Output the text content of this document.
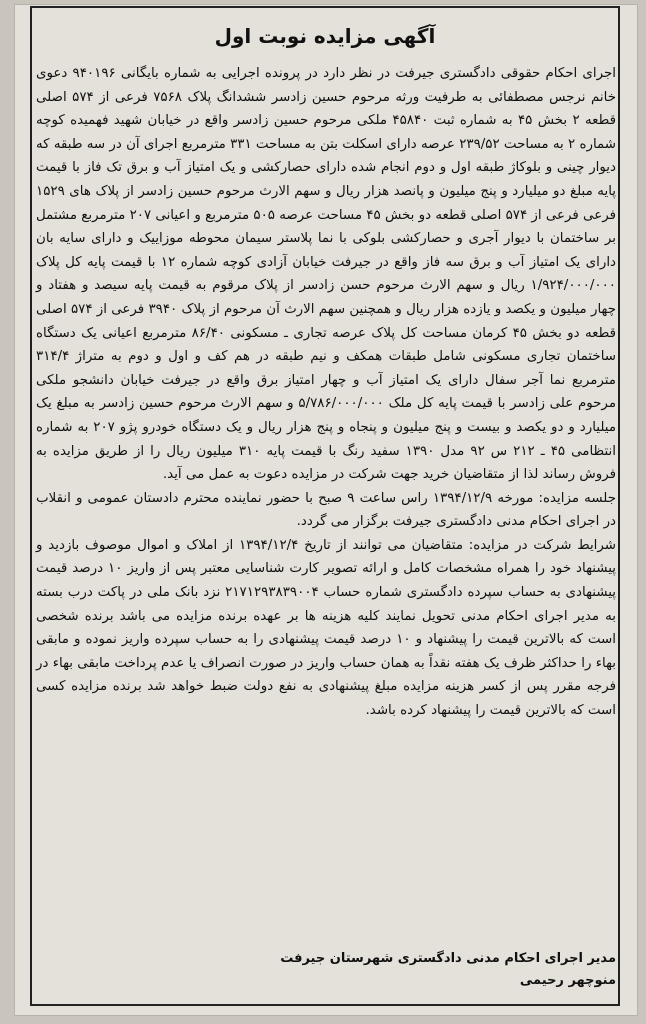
آگهی مزایده نوبت اول

اجرای احکام حقوقی دادگستری جیرفت در نظر دارد در پرونده اجرایی به شماره بایگانی ۹۴۰۱۹۶ دعوی خانم نرجس مصطفائی به طرفیت ورثه مرحوم حسین زادسر ششدانگ پلاک ۷۵۶۸ فرعی از ۵۷۴ اصلی قطعه ۲ بخش ۴۵ به شماره ثبت ۴۵۸۴۰ ملکی مرحوم حسین زادسر واقع در خیابان شهید فهمیده کوچه شماره ۲ به مساحت ۲۳۹/۵۲ عرصه دارای اسکلت بتن به مساحت ۳۳۱ مترمربع اجرای آن در سه طبقه که دیوار چینی و بلوکاژ طبقه اول و دوم انجام شده دارای حصارکشی و یک امتیاز آب و برق تک فاز با قیمت پایه مبلغ دو میلیارد و پنج میلیون و پانصد هزار ریال و سهم الارث مرحوم حسین زادسر از پلاک های ۱۵۲۹ فرعی فرعی از ۵۷۴ اصلی قطعه دو بخش ۴۵ مساحت عرصه ۵۰۵ مترمربع و اعیانی ۲۰۷ مترمربع مشتمل بر ساختمان با دیوار آجری و حصارکشی بلوکی با نما پلاستر سیمان محوطه موزاییک و دارای سایه بان دارای یک امتیاز آب و برق سه فاز واقع در جیرفت خیابان آزادی کوچه شماره ۱۲ با قیمت پایه کل پلاک ۱/۹۲۴/۰۰۰/۰۰۰ ریال و سهم الارث مرحوم حسن زادسر از پلاک مرقوم به قیمت پایه سیصد و هفتاد و چهار میلیون و یکصد و یازده هزار ریال و همچنین سهم الارث آن مرحوم از پلاک ۳۹۴۰ فرعی از ۵۷۴ اصلی قطعه دو بخش ۴۵ کرمان مساحت کل پلاک عرصه تجاری ـ مسکونی ۸۶/۴۰ مترمربع اعیانی یک دستگاه ساختمان تجاری مسکونی شامل طبقات همکف و نیم طبقه در هم کف و اول و دوم به متراژ ۳۱۴/۴ مترمربع نما آجر سفال دارای یک امتیاز آب و چهار امتیاز برق واقع در جیرفت خیابان دانشجو ملکی مرحوم علی زادسر با قیمت پایه کل ملک ۵/۷۸۶/۰۰۰/۰۰۰ و سهم الارث مرحوم حسین زادسر به مبلغ یک میلیارد و دو یکصد و بیست و پنج میلیون و پنجاه و پنج هزار ریال و یک دستگاه خودرو پژو ۲۰۷ به شماره انتظامی ۴۵ ـ ۲۱۲ س ۹۲ مدل ۱۳۹۰ سفید رنگ با قیمت پایه ۳۱۰ میلیون ریال را از طریق مزایده به فروش رساند لذا از متقاضیان خرید جهت شرکت در مزایده دعوت به عمل می آید.

جلسه مزایده: مورخه ۱۳۹۴/۱۲/۹ راس ساعت ۹ صبح با حضور نماینده محترم دادستان عمومی و انقلاب در اجرای احکام مدنی دادگستری جیرفت برگزار می گردد.

شرایط شرکت در مزایده: متقاضیان می توانند از تاریخ ۱۳۹۴/۱۲/۴ از املاک و اموال موصوف بازدید و پیشنهاد خود را همراه مشخصات کامل و ارائه تصویر کارت شناسایی معتبر پس از واریز ۱۰ درصد قیمت پیشنهادی به حساب سپرده دادگستری شماره حساب ۲۱۷۱۲۹۳۸۳۹۰۰۴ نزد بانک ملی در پاکت درب بسته به مدیر اجرای احکام مدنی تحویل نمایند کلیه هزینه ها بر عهده برنده مزایده می باشد برنده شخصی است که بالاترین قیمت را پیشنهاد و ۱۰ درصد قیمت پیشنهادی را به حساب سپرده واریز نموده و مابقی بهاء را حداکثر ظرف یک هفته نقداً به همان حساب واریز در صورت انصراف یا عدم پرداخت مابقی بهاء در فرجه مقرر پس از کسر هزینه مزایده مبلغ پیشنهادی به نفع دولت ضبط خواهد شد برنده مزایده کسی است که بالاترین قیمت را پیشنهاد کرده باشد.

مدیر اجرای احکام مدنی دادگستری شهرستان جیرفت
منوچهر رحیمی
